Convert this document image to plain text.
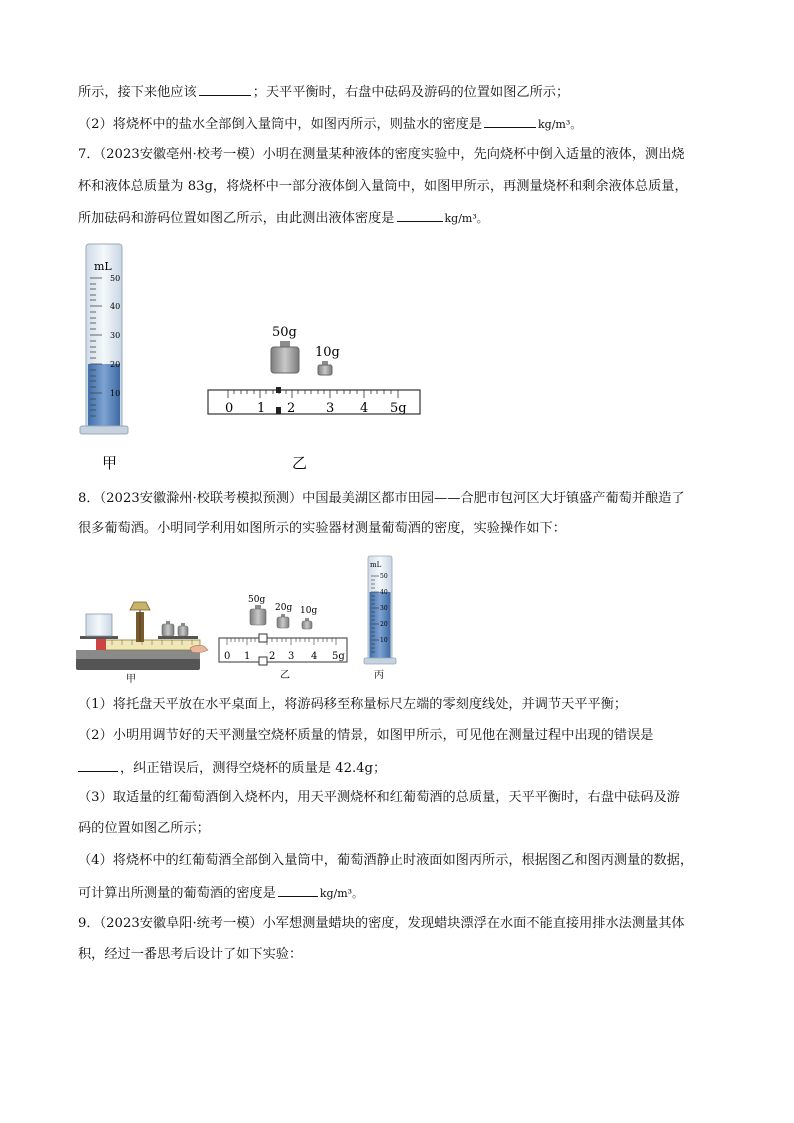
所示，接下来他应该	；天平平衡时，右盘中砝码及游码的位置如图乙所示；
（2）将烧杯中的盐水全部倒入量筒中，如图丙所示，则盐水的密度是	kg/m³。
7．（2023安徽亳州·校考一模）小明在测量某种液体的密度实验中，先向烧杯中倒入适量的液体，测出烧
杯和液体总质量为 83g，将烧杯中一部分液体倒入量筒中，如图甲所示，再测量烧杯和剩余液体总质量，
所加砝码和游码位置如图乙所示，由此测出液体密度是	kg/m³。
mL
50
40
30
20
10
甲
50g
10g
0 1 2 3 4 5g
乙
8．（2023安徽滁州·校联考模拟预测）中国最美湖区都市田园——合肥市包河区大圩镇盛产葡萄并酿造了
很多葡萄酒。小明同学利用如图所示的实验器材测量葡萄酒的密度，实验操作如下：
甲
50g
20g 10g
0 1 2 3 4 5g
乙
mL
50
40
30
20
10
丙
（1）将托盘天平放在水平桌面上，将游码移至称量标尺左端的零刻度线处，并调节天平平衡；
（2）小明用调节好的天平测量空烧杯质量的情景，如图甲所示，可见他在测量过程中出现的错误是
，纠正错误后，测得空烧杯的质量是 42.4g；
（3）取适量的红葡萄酒倒入烧杯内，用天平测烧杯和红葡萄酒的总质量，天平平衡时，右盘中砝码及游
码的位置如图乙所示；
（4）将烧杯中的红葡萄酒全部倒入量筒中，葡萄酒静止时液面如图丙所示，根据图乙和图丙测量的数据，
可计算出所测量的葡萄酒的密度是	kg/m³。
9．（2023安徽阜阳·统考一模）小军想测量蜡块的密度，发现蜡块漂浮在水面不能直接用排水法测量其体
积，经过一番思考后设计了如下实验：
